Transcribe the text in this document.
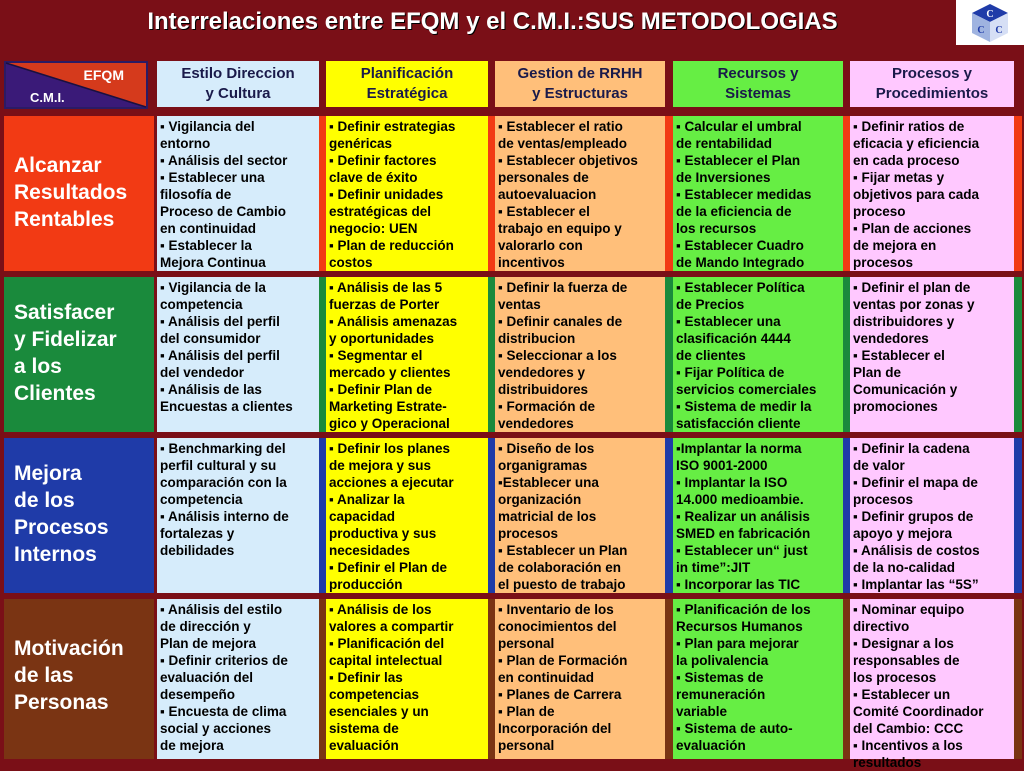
Interrelaciones entre EFQM y el C.M.I.:SUS METODOLOGIAS	C
C C
EFQM
C.M.I.
Estilo Direccion
y Cultura
Planificación
Estratégica
Gestion de RRHH
y Estructuras
Recursos y
Sistemas
Procesos y
Procedimientos
Alcanzar
Resultados
Rentables
▪ Vigilancia del
entorno
▪ Análisis del sector
▪ Establecer una
filosofía de
Proceso de Cambio
en continuidad
▪ Establecer la
Mejora Continua
▪ Definir estrategias
genéricas
▪ Definir factores
clave de éxito
▪ Definir unidades
estratégicas del
negocio: UEN
▪ Plan de reducción
costos
▪ Establecer el ratio
de ventas/empleado
▪ Establecer objetivos
personales de
autoevaluacion
▪ Establecer el
trabajo en equipo y
valorarlo con
incentivos
▪ Calcular el umbral
de rentabilidad
▪ Establecer el Plan
de Inversiones
▪ Establecer medidas
de la eficiencia de
los recursos
▪ Establecer Cuadro
de Mando Integrado
▪ Definir ratios de
eficacia y eficiencia
en cada proceso
▪ Fijar metas y
objetivos para cada
proceso
▪ Plan de acciones
de mejora en
procesos
Satisfacer
y Fidelizar
a los
Clientes
▪ Vigilancia de la
competencia
▪ Análisis del perfil
del consumidor
▪ Análisis del perfil
del vendedor
▪ Análisis de las
Encuestas a clientes
▪ Análisis de las 5
fuerzas de Porter
▪ Análisis amenazas
y oportunidades
▪ Segmentar el
mercado y clientes
▪ Definir Plan de
Marketing Estrate-
gico y Operacional
▪ Definir la fuerza de
ventas
▪ Definir canales de
distribucion
▪ Seleccionar a los
vendedores y
distribuidores
▪ Formación de
vendedores
▪ Establecer Política
de Precios
▪ Establecer una
clasificación 4444
de clientes
▪ Fijar Política de
servicios comerciales
▪ Sistema de medir la
satisfacción cliente
▪ Definir el plan de
ventas por zonas y
distribuidores y
vendedores
▪ Establecer el
Plan de
Comunicación y
promociones
Mejora
de los
Procesos
Internos
▪ Benchmarking del
perfil cultural y su
comparación con la
competencia
▪ Análisis interno de
fortalezas y
debilidades
▪ Definir los planes
de mejora y sus
acciones a ejecutar
▪ Analizar la
capacidad
productiva y sus
necesidades
▪ Definir el Plan de
producción
▪ Diseño de los
organigramas
▪Establecer una
organización
matricial de los
procesos
▪ Establecer un Plan
de colaboración en
el puesto de trabajo
▪Implantar la norma
ISO 9001-2000
▪ Implantar la ISO
14.000 medioambie.
▪ Realizar un análisis
SMED en fabricación
▪ Establecer un“ just
in time”:JIT
▪ Incorporar las TIC
▪ Definir la cadena
de valor
▪ Definir el mapa de
procesos
▪ Definir grupos de
apoyo y mejora
▪ Análisis de costos
de la no-calidad
▪ Implantar las “5S”
Motivación
de las
Personas
▪ Análisis del estilo
de dirección y
Plan de mejora
▪ Definir criterios de
evaluación del
desempeño
▪ Encuesta de clima
social y acciones
de mejora
▪ Análisis de los
valores a compartir
▪ Planificación del
capital intelectual
▪ Definir las
competencias
esenciales y un
sistema de
evaluación
▪ Inventario de los
conocimientos del
personal
▪ Plan de Formación
en continuidad
▪ Planes de Carrera
▪ Plan de
Incorporación del
personal
▪ Planificación de los
Recursos Humanos
▪ Plan para mejorar
la polivalencia
▪ Sistemas de
remuneración
variable
▪ Sistema de auto-
evaluación
▪ Nominar equipo
directivo
▪ Designar a los
responsables de
los procesos
▪ Establecer un
Comité Coordinador
del Cambio: CCC
▪ Incentivos a los
resultados
